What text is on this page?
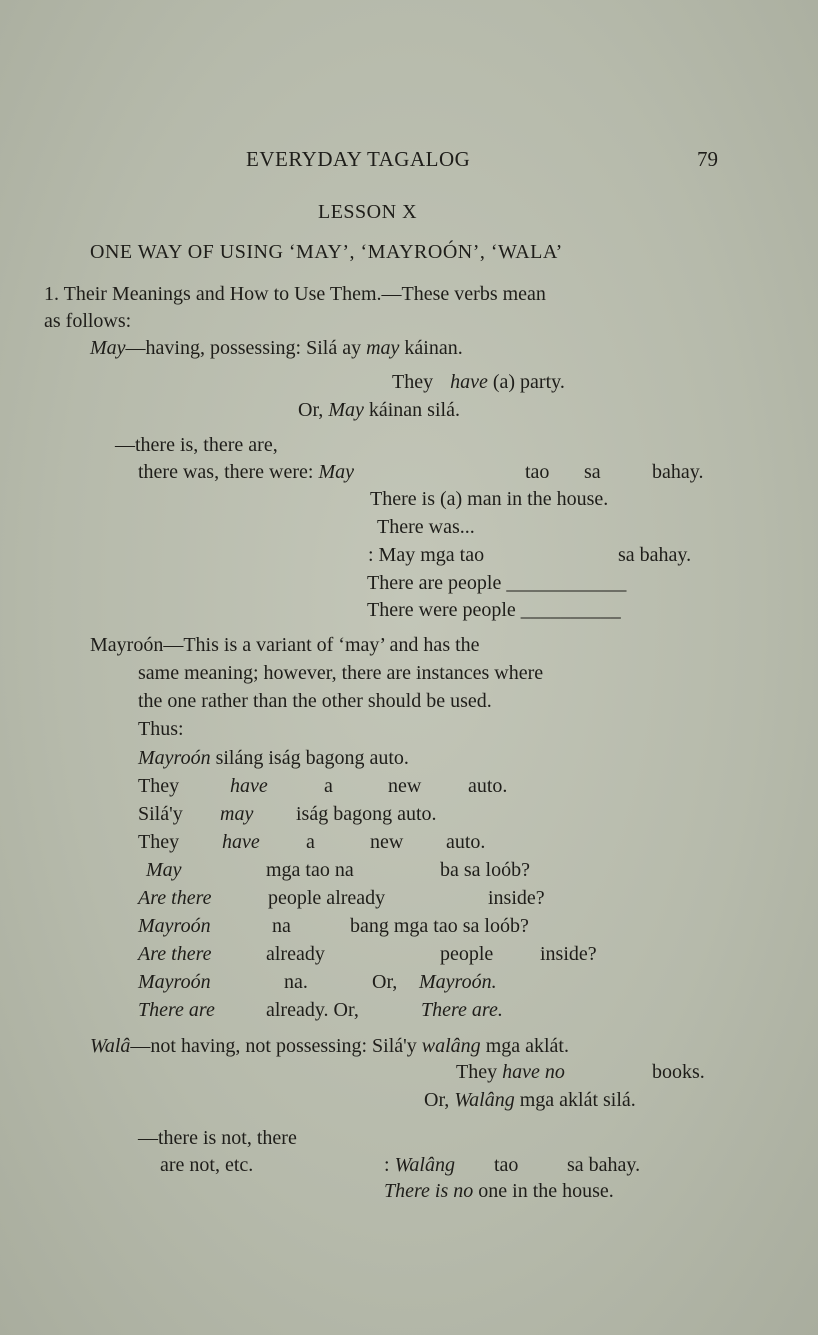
EVERYDAY TAGALOG	79
LESSON X
ONE WAY OF USING ‘MAY’, ‘MAYROÓN’, ‘WALA’
1. Their Meanings and How to Use Them.—These verbs mean
as follows:
May—having, possessing: Silá ay may káinan.
They have (a) party.
Or, May káinan silá.
—there is, there are,
there was, there were: May	tao sa	bahay.
There is (a) man in the house.
There was...
: May mga tao	sa bahay.
There are people ____________
There were people __________
Mayroón—This is a variant of ‘may’ and has the
same meaning; however, there are instances where
the one rather than the other should be used.
Thus:
Mayroón siláng iság bagong auto.
They	have	a	new auto.
Silá'y may iság bagong auto.
They have a	new auto.
May	mga tao na	ba sa loób?
Are there	people already	inside?
Mayroón	na	bang mga tao sa loób?
Are there	already	people inside?
Mayroón	na.	Or, Mayroón.
There are	already. Or,	There are.
Walâ—not having, not possessing: Silá'y walâng mga aklát.
They have no	books.
Or, Walâng mga aklát silá.
—there is not, there
are not, etc.	: Walâng tao sa bahay.
There is no one in the house.
